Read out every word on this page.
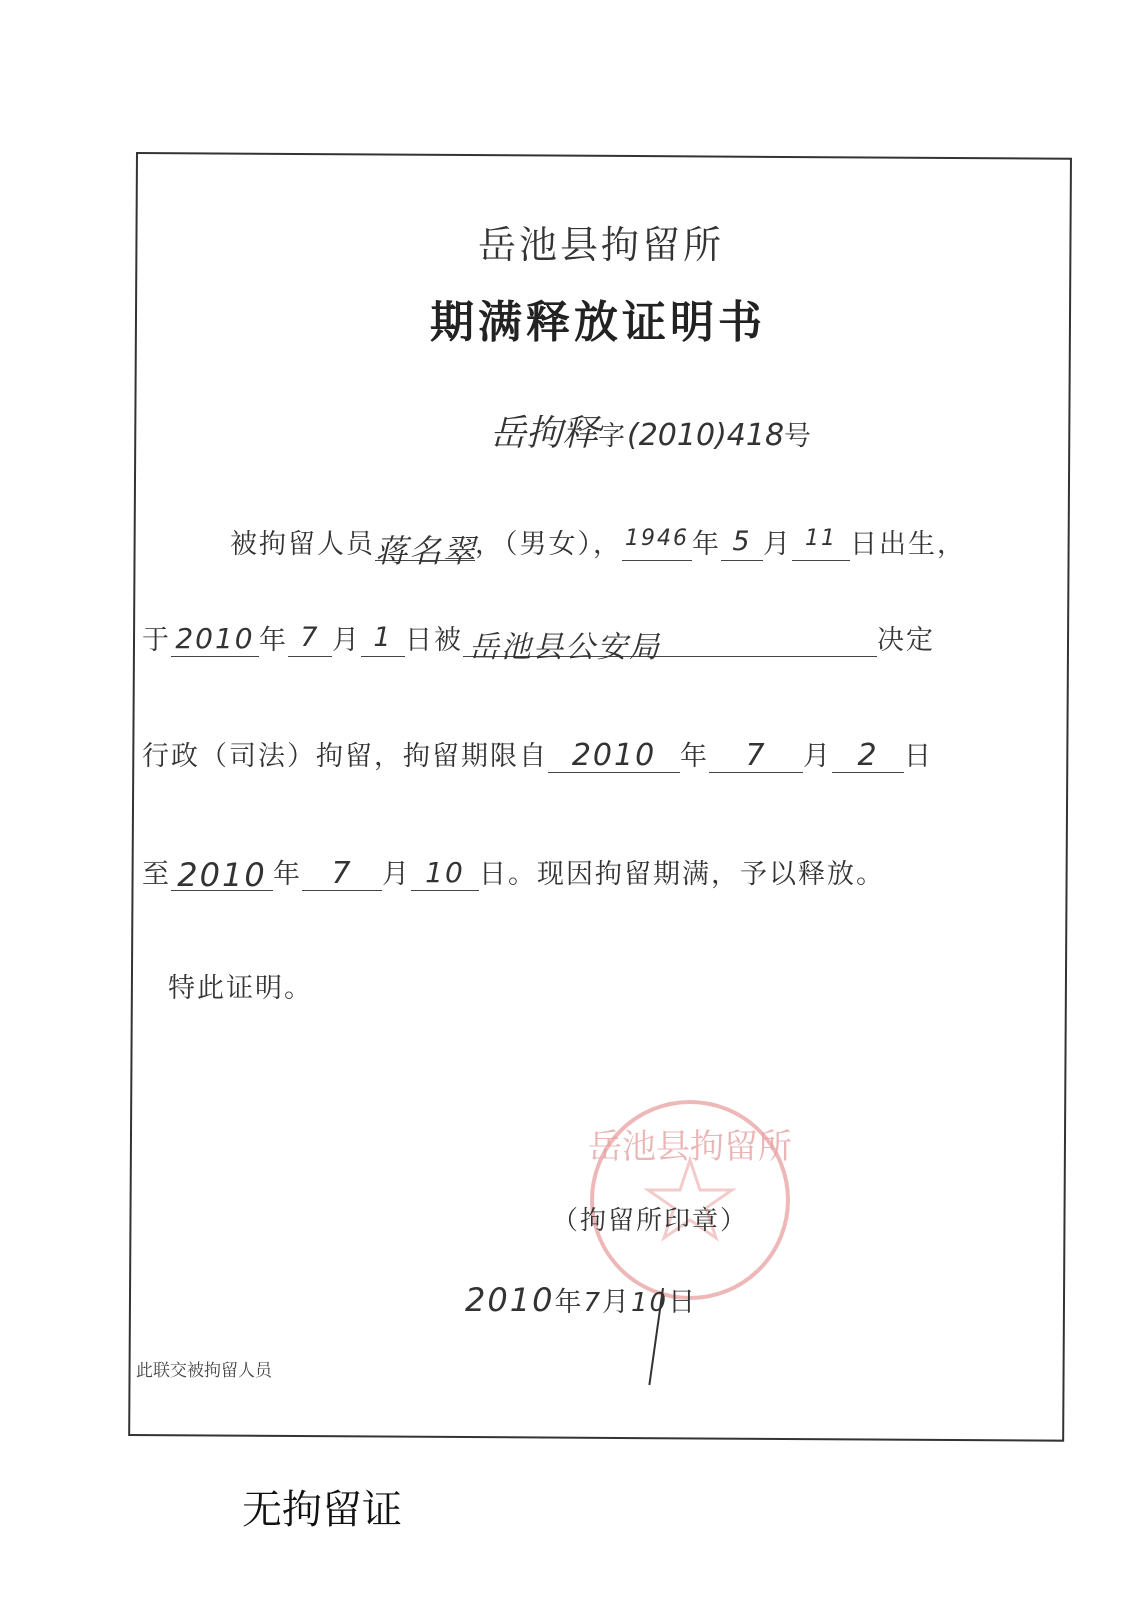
岳池县拘留所
期满释放证明书
岳拘释字(2010)418号
被拘留人员蒋名翠，（男女）， 1946 年 5 月 11 日出生，
于 2010 年 7 月 1 日被 岳池县公安局	决定
行政（司法）拘留，拘留期限自 2010 年 7 月 2 日
至 2010 年 7 月 10 日。现因拘留期满，予以释放。
特此证明。
岳池县拘留所
（拘留所印章）
2010年7月10日
此联交被拘留人员
无拘留证
